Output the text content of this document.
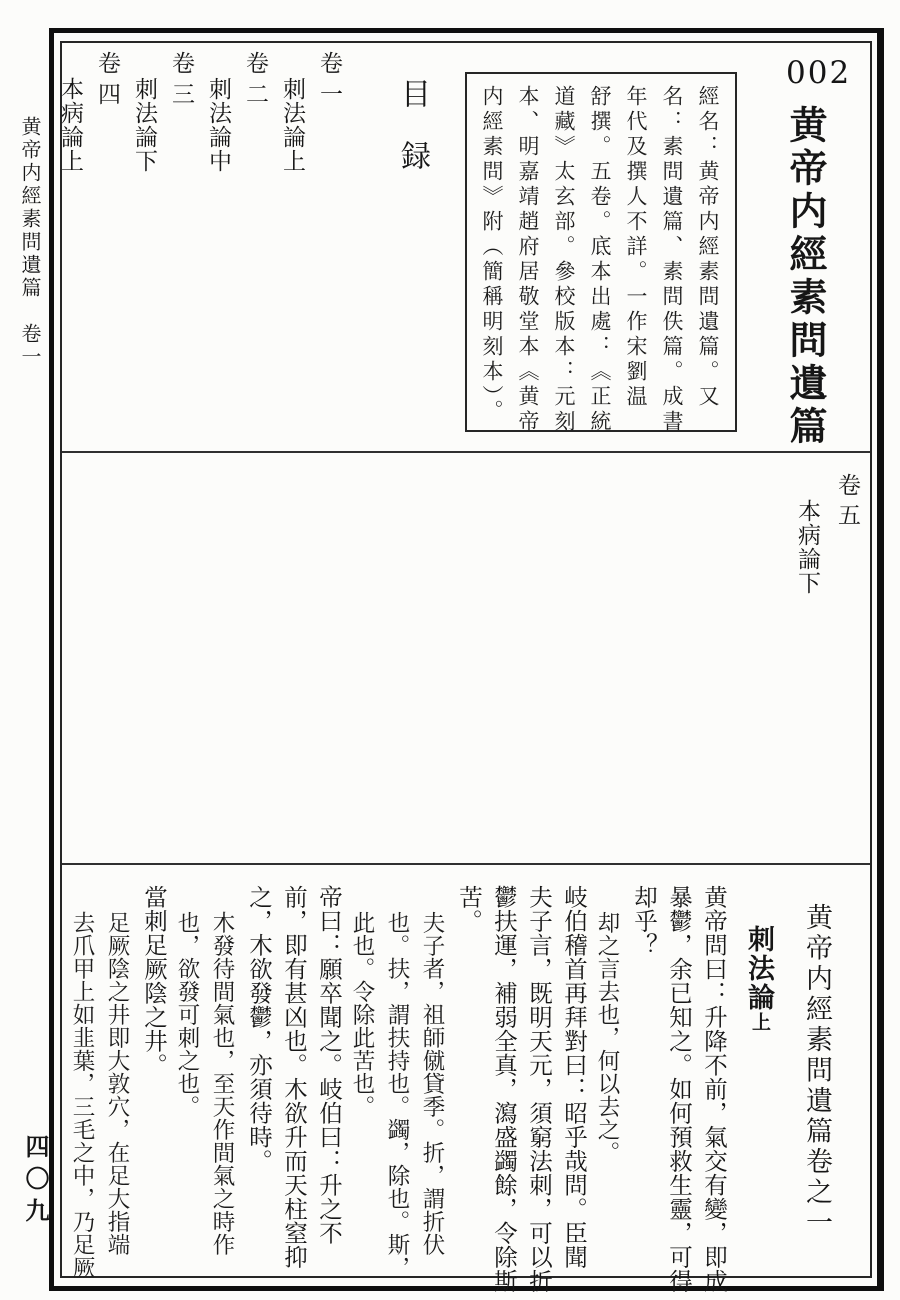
黄帝内經素問遺篇　卷一
四〇九
002
黄帝内經素問遺篇
經名：黄帝内經素問遺篇。又
名：素問遺篇、素問佚篇。成書
年代及撰人不詳。一作宋劉温
舒撰。五卷。底本出處：《正統
道藏》太玄部。參校版本：元刻
本、明嘉靖趙府居敬堂本《黄帝
内經素問》附（簡稱明刻本）。
目録
卷一
刺法論上
卷二
刺法論中
卷三
刺法論下
卷四
本病論上
卷五
本病論下
黄帝内經素問遺篇卷之一
刺法論上
黄帝問曰：升降不前，氣交有變，即成
暴鬱，余已知之。如何預救生靈，可得
却乎？
却之言去也，何以去之。
岐伯稽首再拜對曰：昭乎哉問。臣聞
夫子言，既明天元，須窮法刺，可以折
鬱扶運，補弱全真，瀉盛蠲餘，令除斯
苦。
夫子者，祖師僦貸季。折，謂折伏
也。扶，謂扶持也。蠲，除也。斯，
此也。令除此苦也。
帝曰：願卒聞之。岐伯曰：升之不
前，即有甚凶也。木欲升而天柱窒抑
之，木欲發鬱，亦須待時。
木發待間氣也，至天作間氣之時作
也，欲發可刺之也。
當刺足厥陰之井。
足厥陰之井即大敦穴，在足大指端
去爪甲上如韭葉，三毛之中，乃足厥
